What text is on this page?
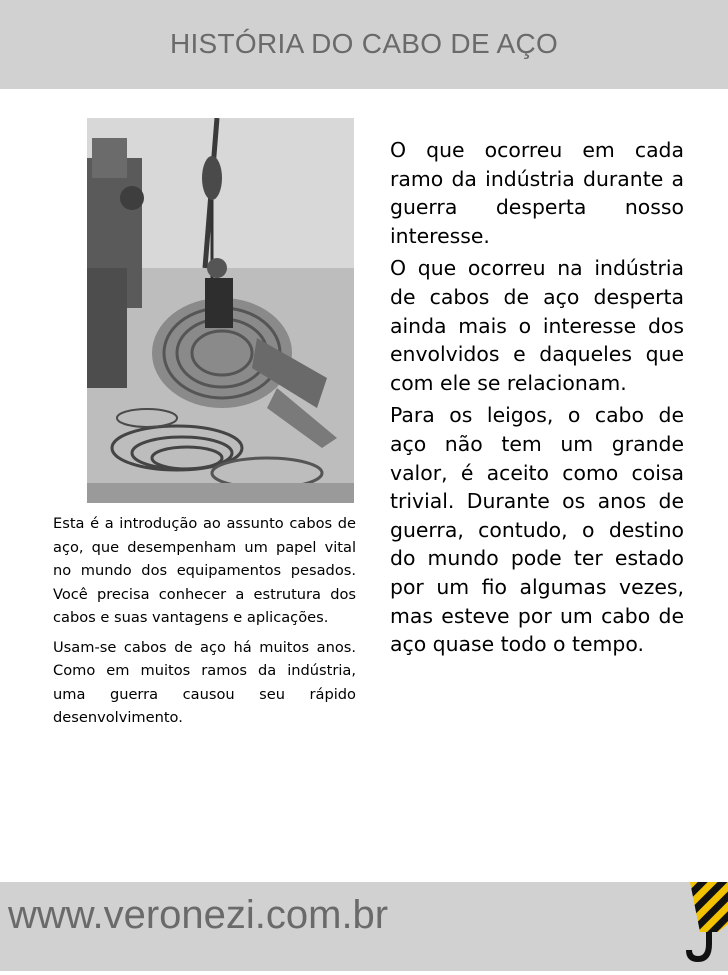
HISTÓRIA DO CABO DE AÇO

Esta é a introdução ao assunto cabos de aço, que desempenham um papel vital no mundo dos equipamentos pesados. Você precisa conhecer a estrutura dos cabos e suas vantagens e aplicações.

Usam-se cabos de aço há muitos anos. Como em muitos ramos da indústria, uma guerra causou seu rápido desenvolvimento.

O que ocorreu em cada ramo da indústria durante a guerra desperta nosso interesse.

O que ocorreu na indústria de cabos de aço desperta ainda mais o interesse dos envolvidos e daqueles que com ele se relacionam.

Para os leigos, o cabo de aço não tem um grande valor, é aceito como coisa trivial. Durante os anos de guerra, contudo, o destino do mundo pode ter estado por um fio algumas vezes, mas esteve por um cabo de aço quase todo o tempo.

www.veronezi.com.br
